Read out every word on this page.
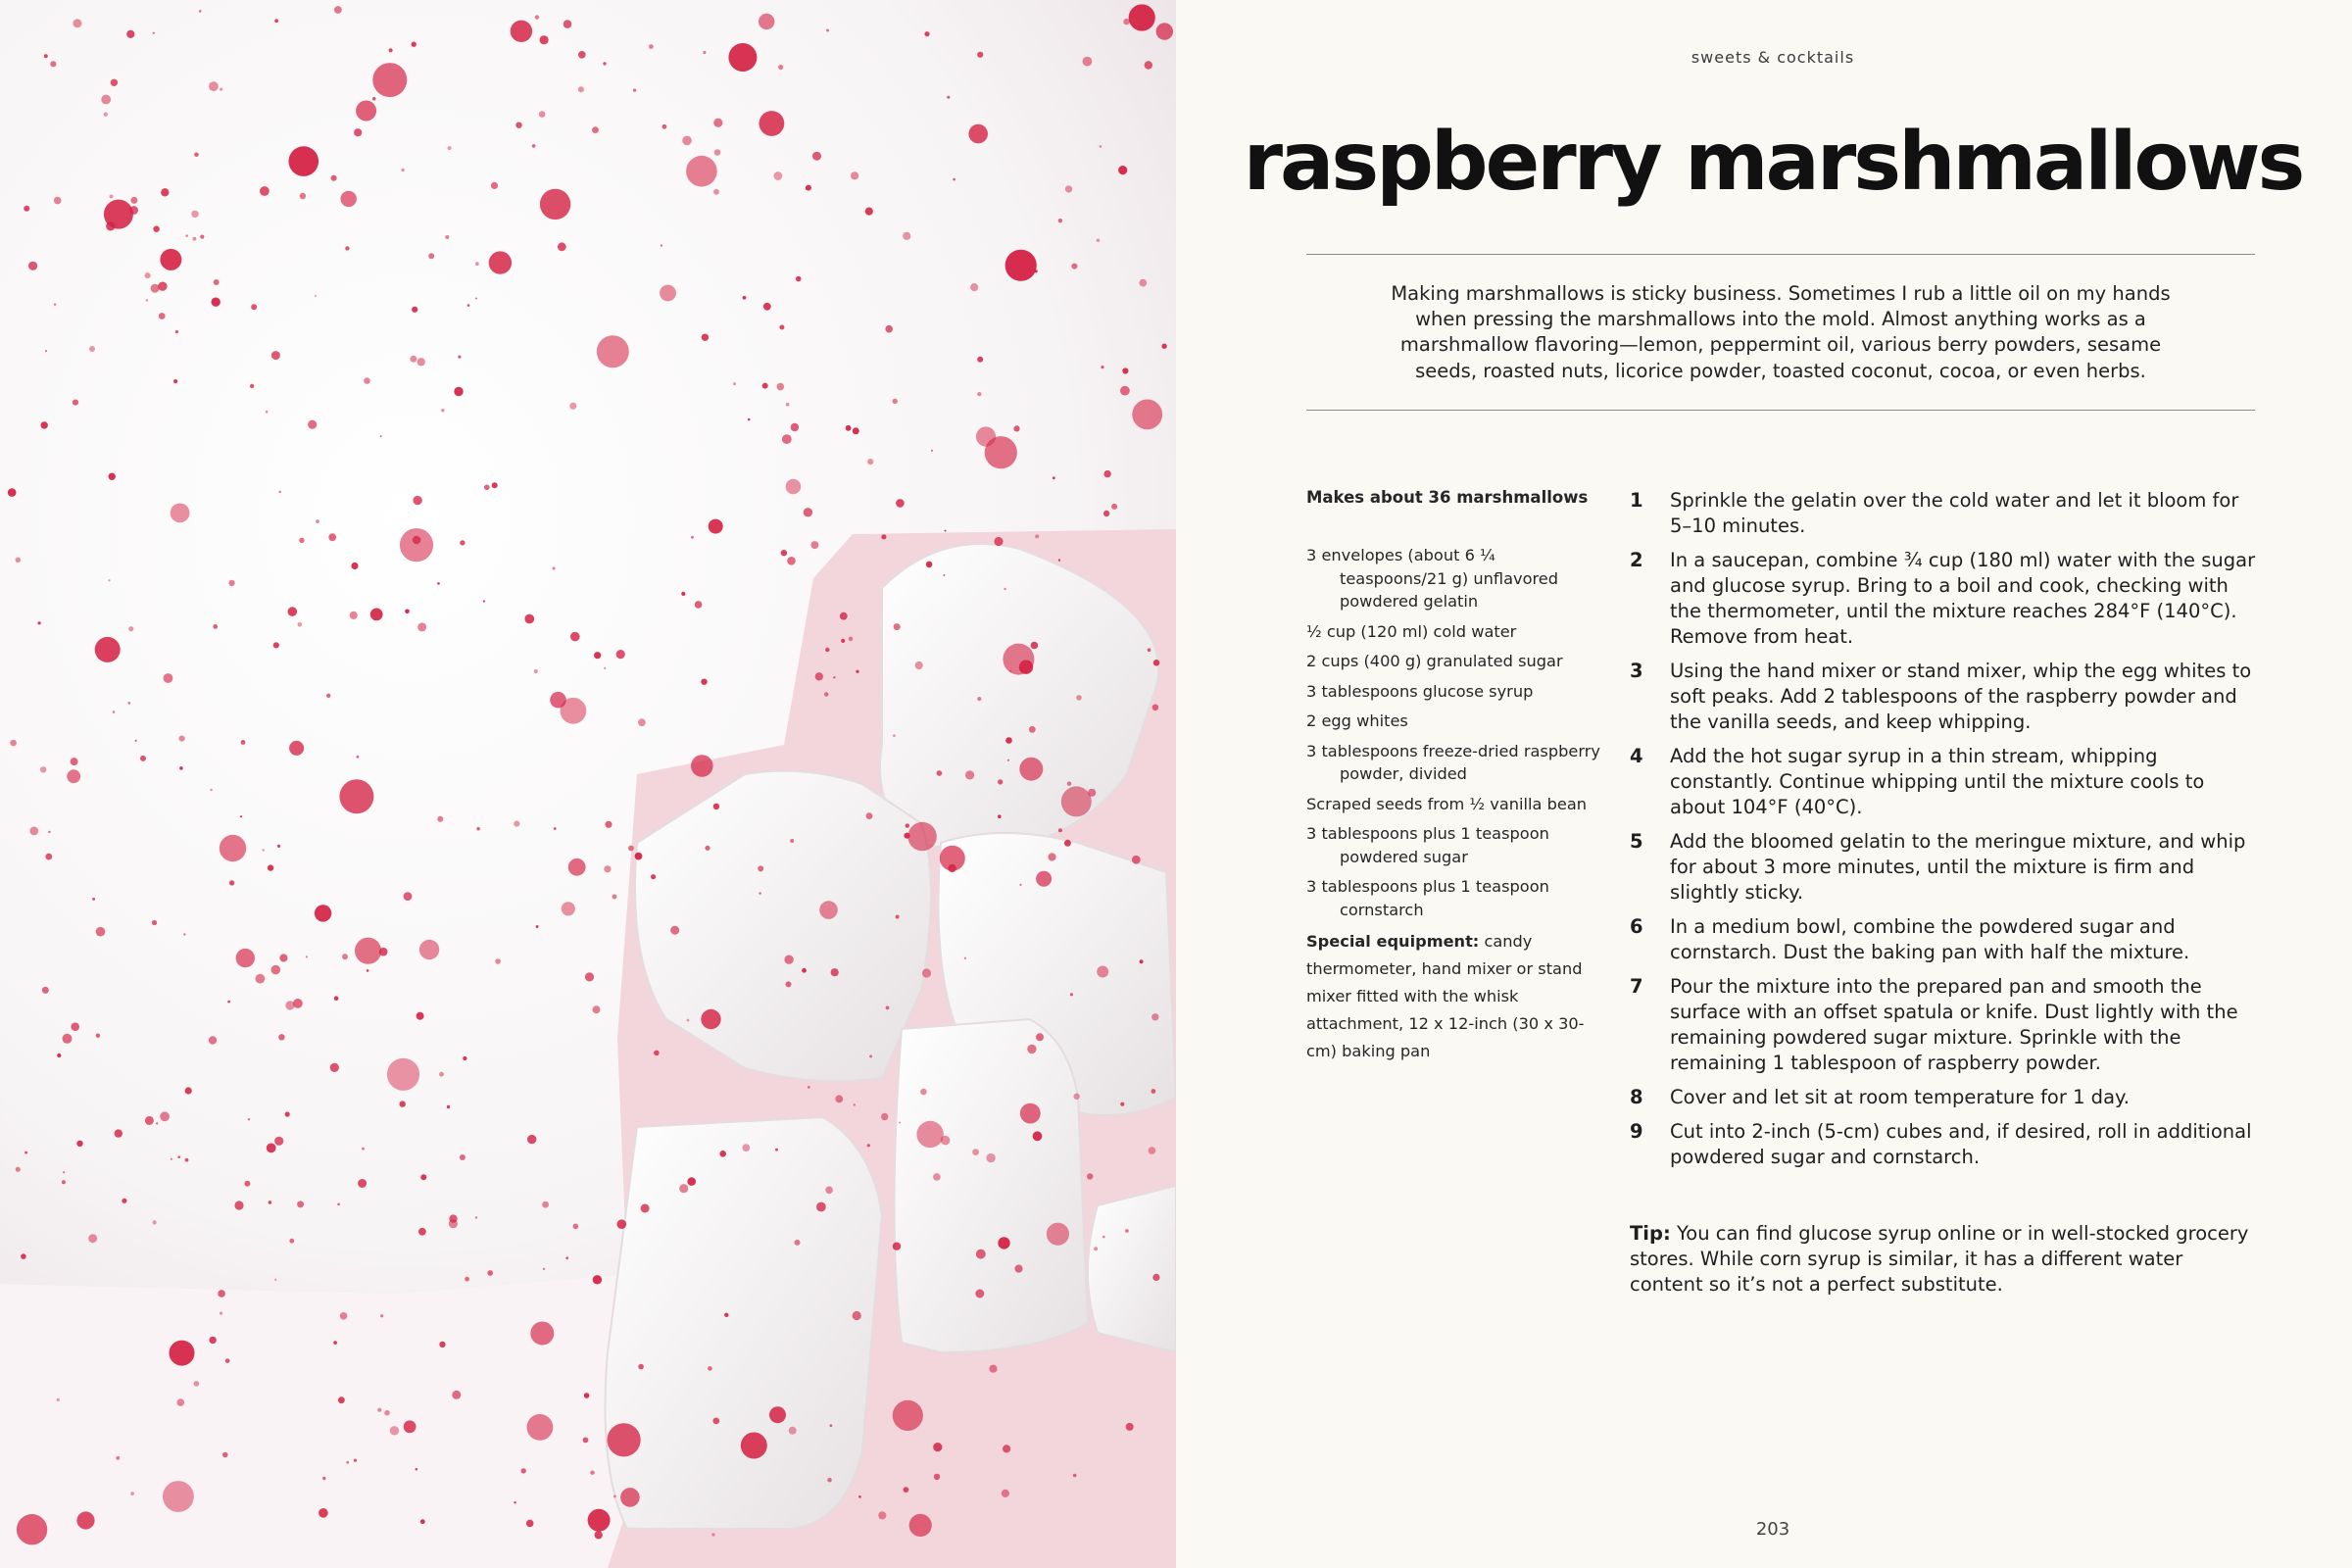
sweets & cocktails
raspberry marshmallows
Making marshmallows is sticky business. Sometimes I rub a little oil on my hands when pressing the marshmallows into the mold. Almost anything works as a marshmallow flavoring—lemon, peppermint oil, various berry powders, sesame seeds, roasted nuts, licorice powder, toasted coconut, cocoa, or even herbs.
Makes about 36 marshmallows
3 envelopes (about 6 ¼ teaspoons/21 g) unflavored powdered gelatin
½ cup (120 ml) cold water
2 cups (400 g) granulated sugar
3 tablespoons glucose syrup
2 egg whites
3 tablespoons freeze-dried raspberry powder, divided
Scraped seeds from ½ vanilla bean
3 tablespoons plus 1 teaspoon powdered sugar
3 tablespoons plus 1 teaspoon cornstarch
Special equipment: candy thermometer, hand mixer or stand mixer fitted with the whisk attachment, 12 x 12-inch (30 x 30-cm) baking pan
1 Sprinkle the gelatin over the cold water and let it bloom for 5–10 minutes.
2 In a saucepan, combine ¾ cup (180 ml) water with the sugar and glucose syrup. Bring to a boil and cook, checking with the thermometer, until the mixture reaches 284°F (140°C). Remove from heat.
3 Using the hand mixer or stand mixer, whip the egg whites to soft peaks. Add 2 tablespoons of the raspberry powder and the vanilla seeds, and keep whipping.
4 Add the hot sugar syrup in a thin stream, whipping constantly. Continue whipping until the mixture cools to about 104°F (40°C).
5 Add the bloomed gelatin to the meringue mixture, and whip for about 3 more minutes, until the mixture is firm and slightly sticky.
6 In a medium bowl, combine the powdered sugar and cornstarch. Dust the baking pan with half the mixture.
7 Pour the mixture into the prepared pan and smooth the surface with an offset spatula or knife. Dust lightly with the remaining powdered sugar mixture. Sprinkle with the remaining 1 tablespoon of raspberry powder.
8 Cover and let sit at room temperature for 1 day.
9 Cut into 2-inch (5-cm) cubes and, if desired, roll in additional powdered sugar and cornstarch.
Tip: You can find glucose syrup online or in well-stocked grocery stores. While corn syrup is similar, it has a different water content so it’s not a perfect substitute.
203
